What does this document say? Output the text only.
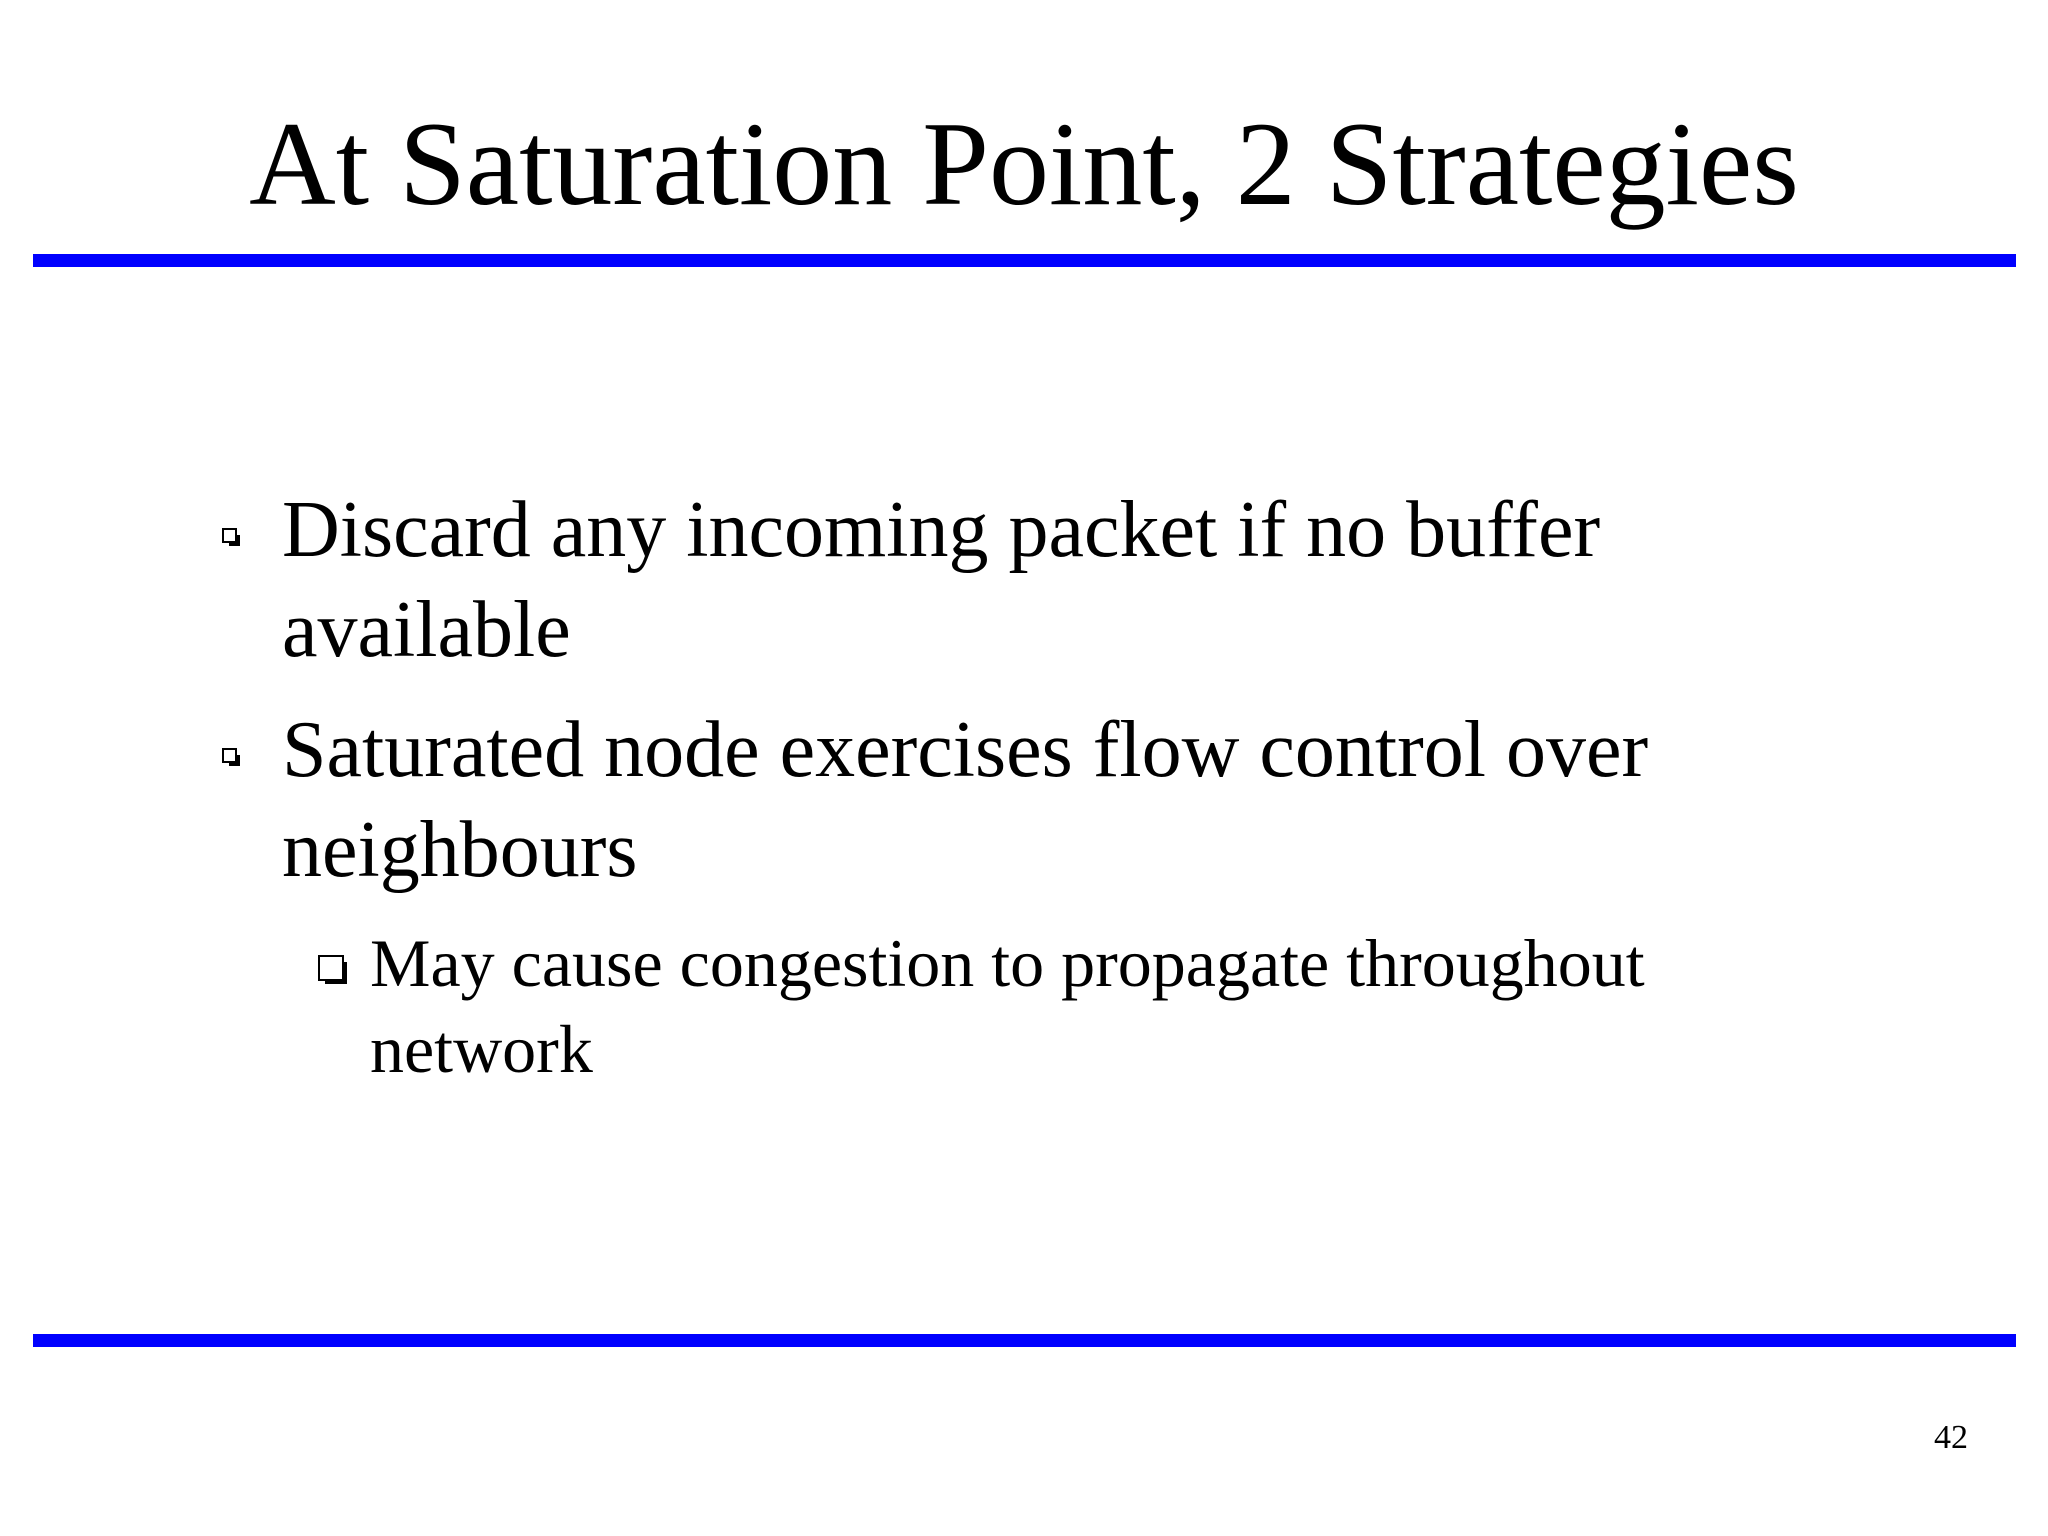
At Saturation Point, 2 Strategies
Discard any incoming packet if no buffer available
Saturated node exercises flow control over neighbours
May cause congestion to propagate throughout network
42
